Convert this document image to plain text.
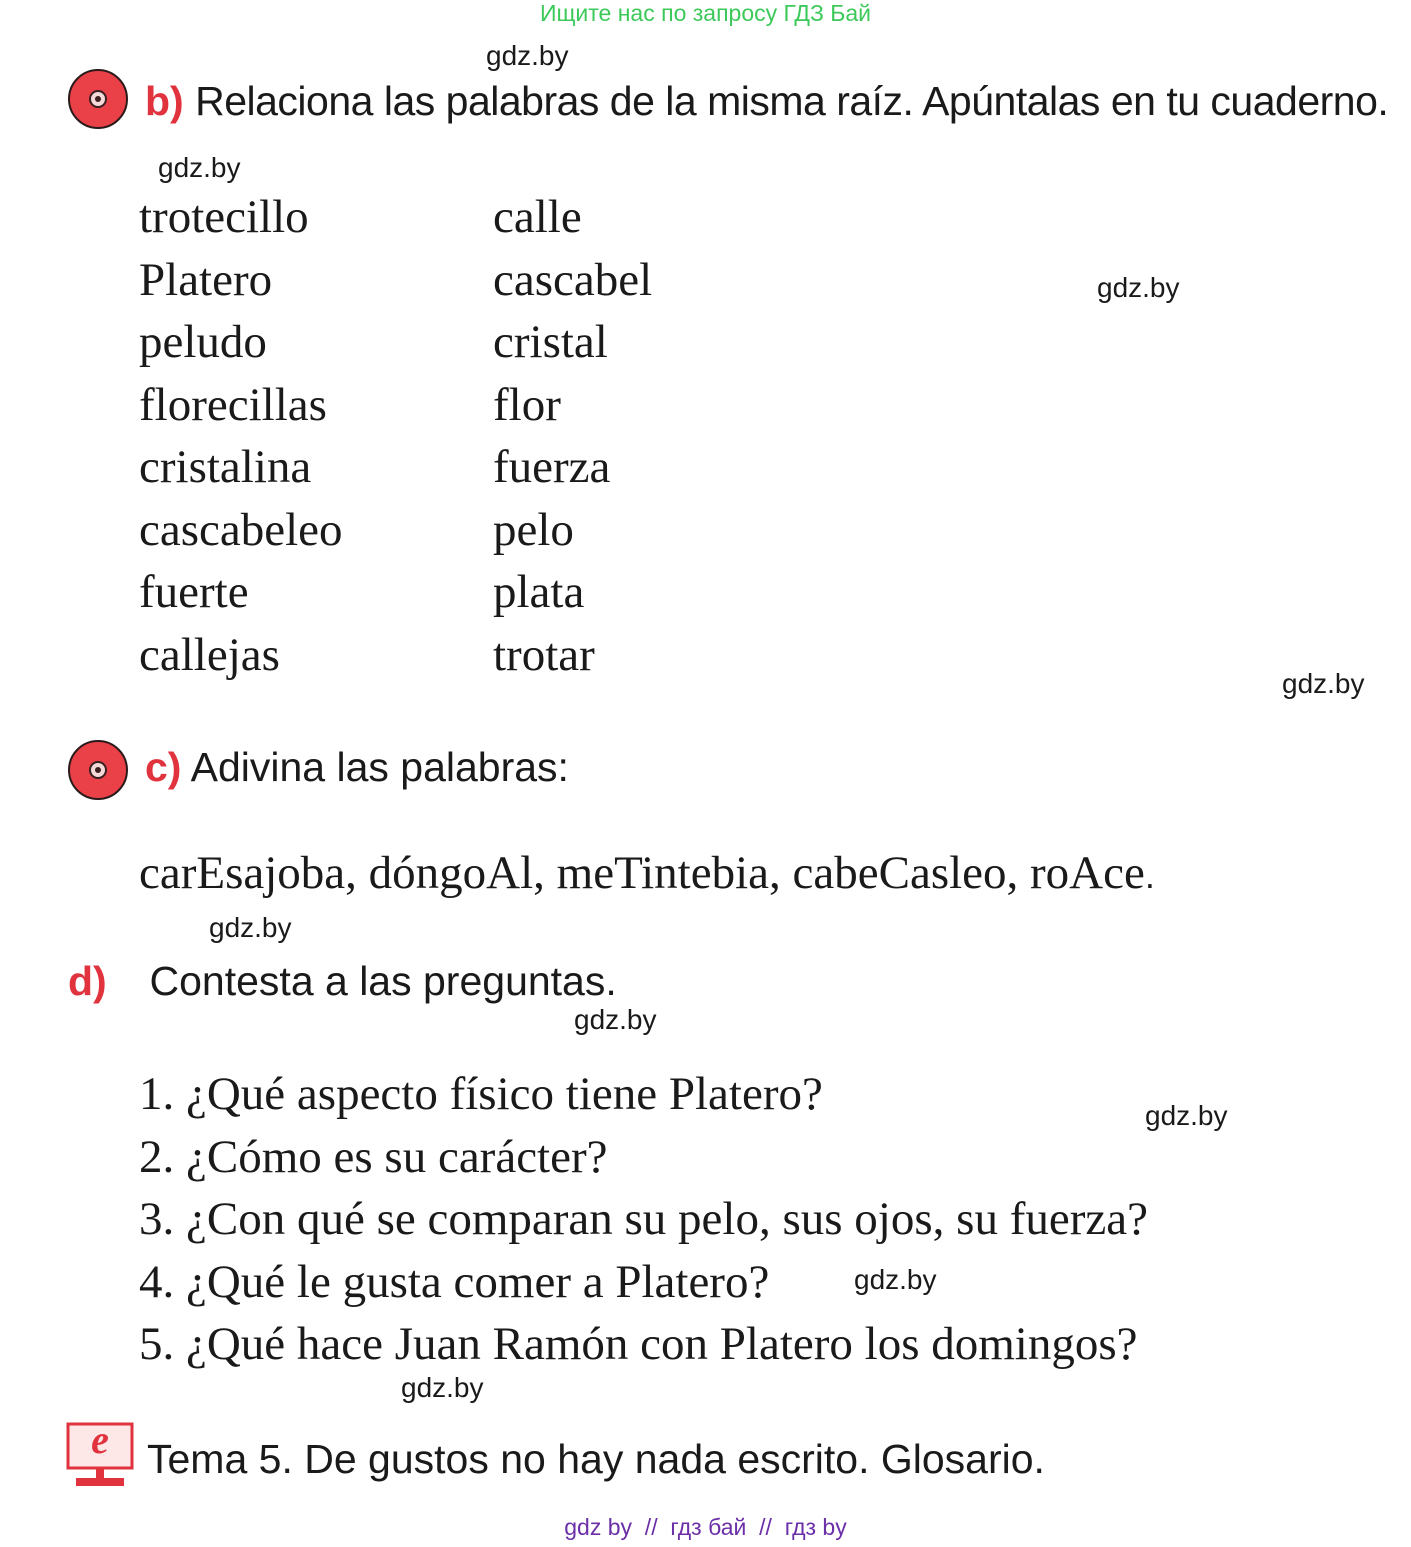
Ищите нас по запросу ГДЗ Бай
gdz.by
gdz.by
gdz.by
gdz.by
gdz.by
gdz.by
gdz.by
gdz.by
gdz.by
b) Relaciona las palabras de la misma raíz. Apúntalas en tu cuaderno.
trotecillo
Platero
peludo
florecillas
cristalina
cascabeleo
fuerte
callejas
calle
cascabel
cristal
flor
fuerza
pelo
plata
trotar
c) Adivina las palabras:
carEsajoba, dóngoAl, meTintebia, cabeCasleo, roAce.
d) Contesta a las preguntas.
1. ¿Qué aspecto físico tiene Platero?
2. ¿Cómo es su carácter?
3. ¿Con qué se comparan su pelo, sus ojos, su fuerza?
4. ¿Qué le gusta comer a Platero?
5. ¿Qué hace Juan Ramón con Platero los domingos?
e Tema 5. De gustos no hay nada escrito. Glosario.
gdz by  //  гдз бай  //  гдз by
